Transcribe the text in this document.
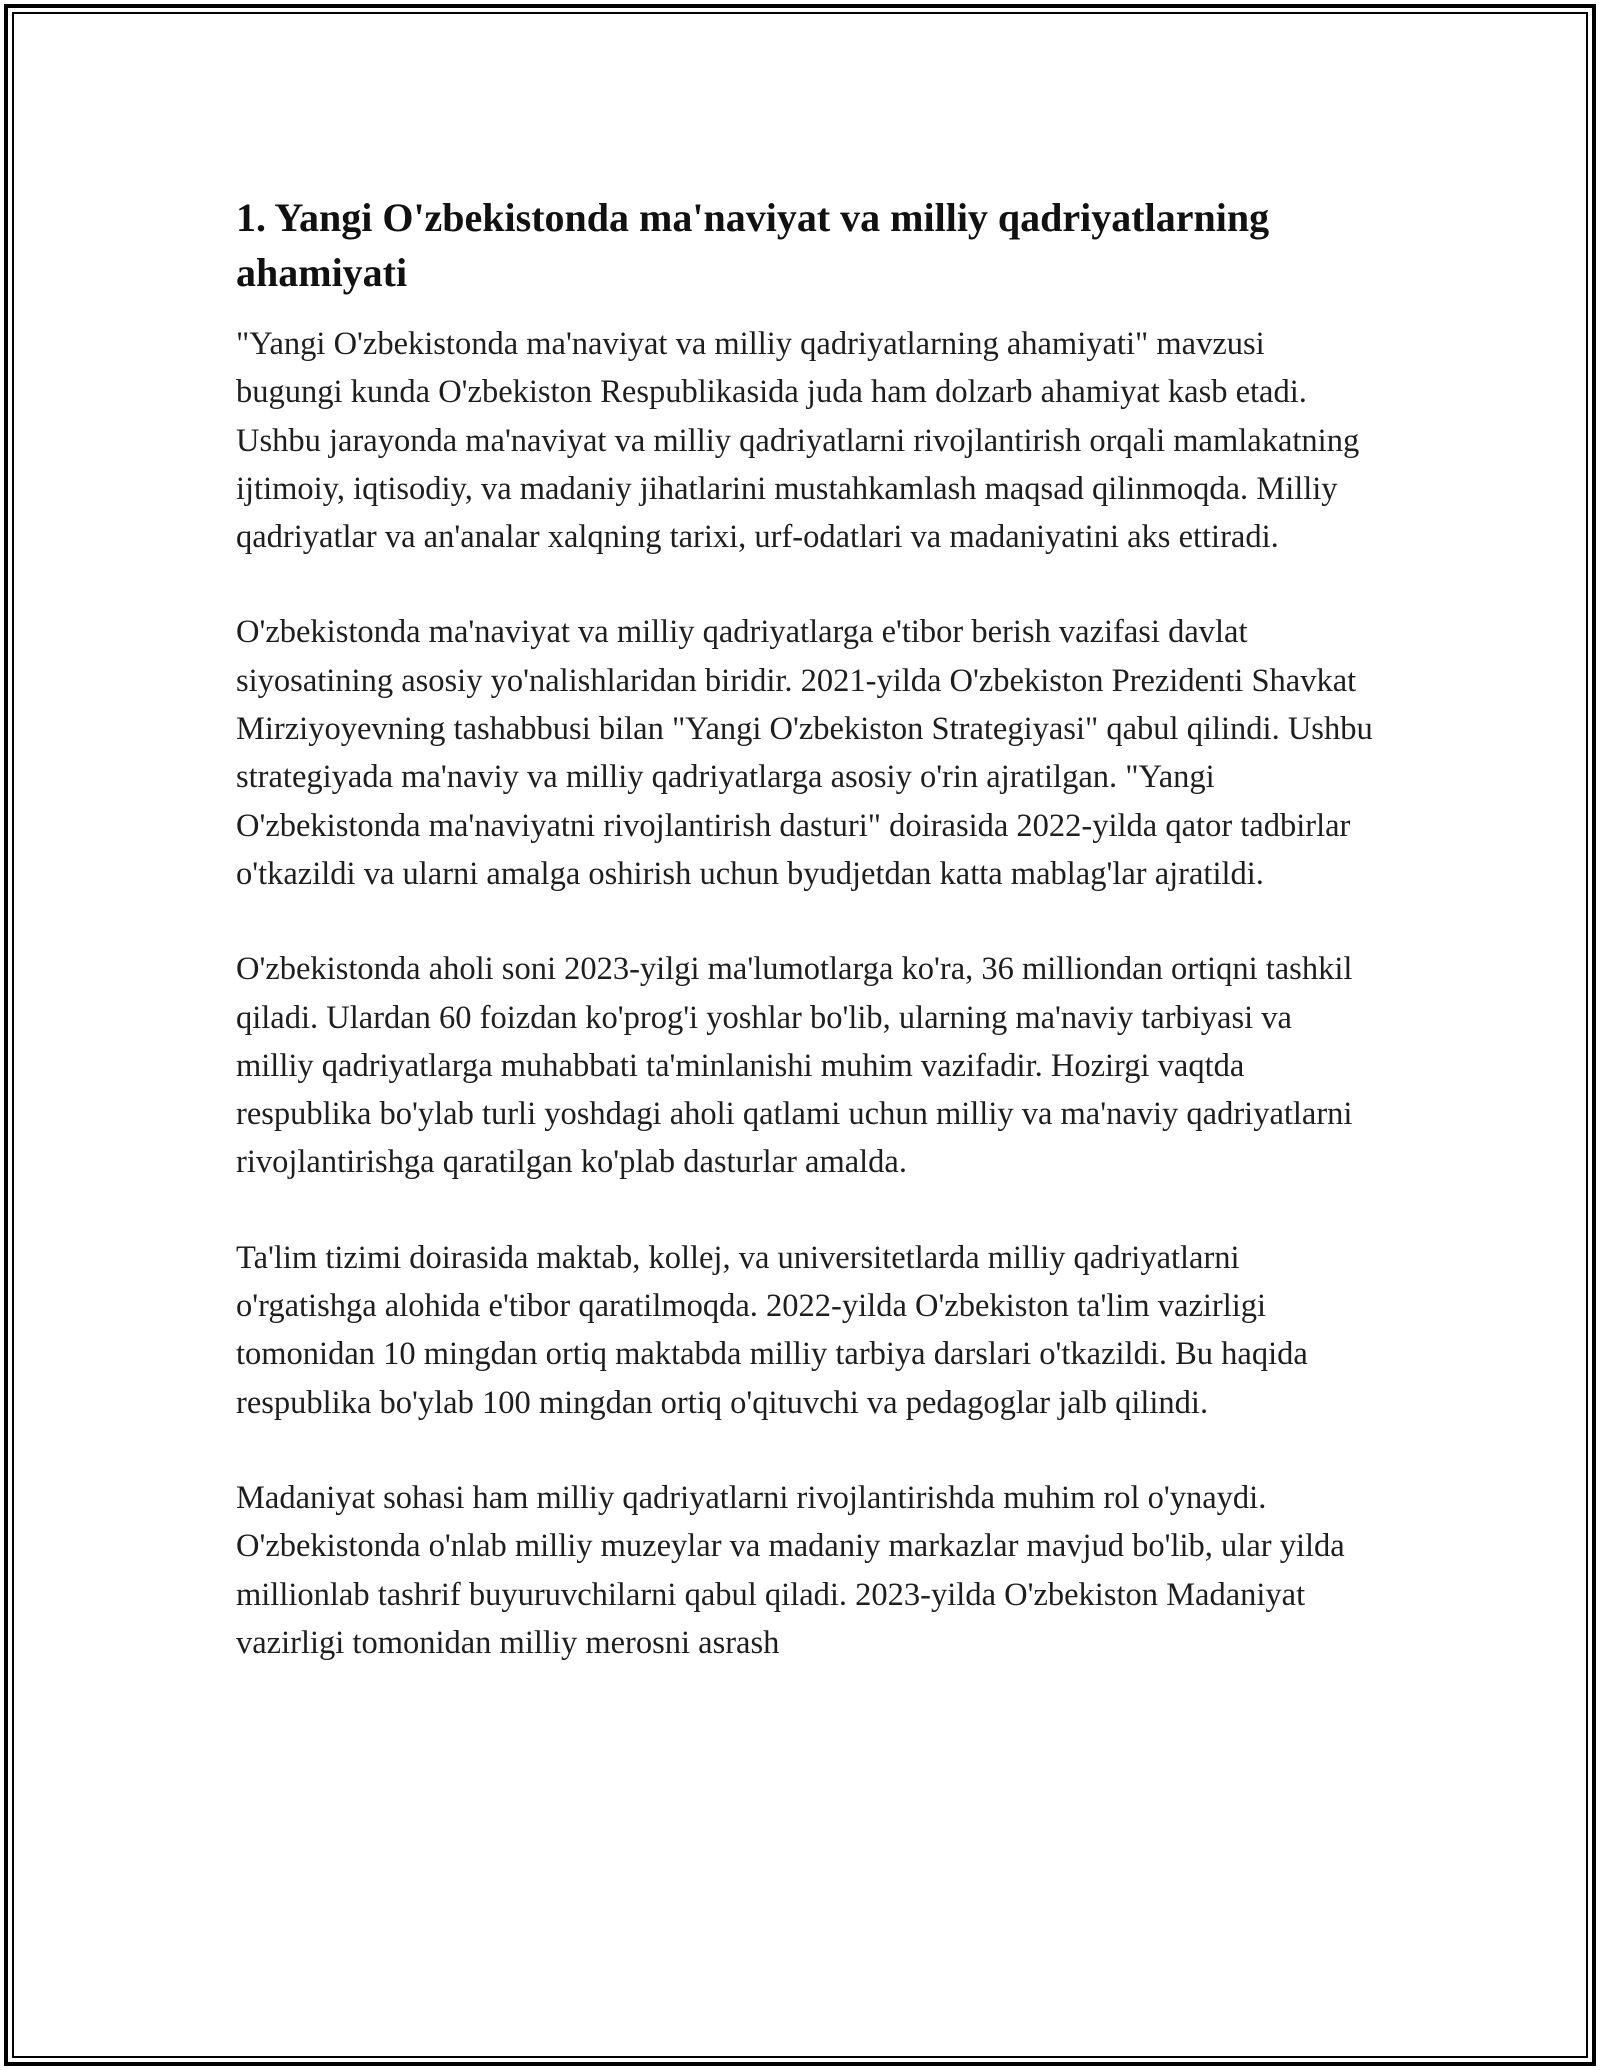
1. Yangi O'zbekistonda ma'naviyat va milliy qadriyatlarning ahamiyati

"Yangi O'zbekistonda ma'naviyat va milliy qadriyatlarning ahamiyati" mavzusi bugungi kunda O'zbekiston Respublikasida juda ham dolzarb ahamiyat kasb etadi. Ushbu jarayonda ma'naviyat va milliy qadriyatlarni rivojlantirish orqali mamlakatning ijtimoiy, iqtisodiy, va madaniy jihatlarini mustahkamlash maqsad qilinmoqda. Milliy qadriyatlar va an'analar xalqning tarixi, urf-odatlari va madaniyatini aks ettiradi.

O'zbekistonda ma'naviyat va milliy qadriyatlarga e'tibor berish vazifasi davlat siyosatining asosiy yo'nalishlaridan biridir. 2021-yilda O'zbekiston Prezidenti Shavkat Mirziyoyevning tashabbusi bilan "Yangi O'zbekiston Strategiyasi" qabul qilindi. Ushbu strategiyada ma'naviy va milliy qadriyatlarga asosiy o'rin ajratilgan. "Yangi O'zbekistonda ma'naviyatni rivojlantirish dasturi" doirasida 2022-yilda qator tadbirlar o'tkazildi va ularni amalga oshirish uchun byudjetdan katta mablag'lar ajratildi.

O'zbekistonda aholi soni 2023-yilgi ma'lumotlarga ko'ra, 36 milliondan ortiqni tashkil qiladi. Ulardan 60 foizdan ko'prog'i yoshlar bo'lib, ularning ma'naviy tarbiyasi va milliy qadriyatlarga muhabbati ta'minlanishi muhim vazifadir. Hozirgi vaqtda respublika bo'ylab turli yoshdagi aholi qatlami uchun milliy va ma'naviy qadriyatlarni rivojlantirishga qaratilgan ko'plab dasturlar amalda.

Ta'lim tizimi doirasida maktab, kollej, va universitetlarda milliy qadriyatlarni o'rgatishga alohida e'tibor qaratilmoqda. 2022-yilda O'zbekiston ta'lim vazirligi tomonidan 10 mingdan ortiq maktabda milliy tarbiya darslari o'tkazildi. Bu haqida respublika bo'ylab 100 mingdan ortiq o'qituvchi va pedagoglar jalb qilindi.

Madaniyat sohasi ham milliy qadriyatlarni rivojlantirishda muhim rol o'ynaydi. O'zbekistonda o'nlab milliy muzeylar va madaniy markazlar mavjud bo'lib, ular yilda millionlab tashrif buyuruvchilarni qabul qiladi. 2023-yilda O'zbekiston Madaniyat vazirligi tomonidan milliy merosni asrash
